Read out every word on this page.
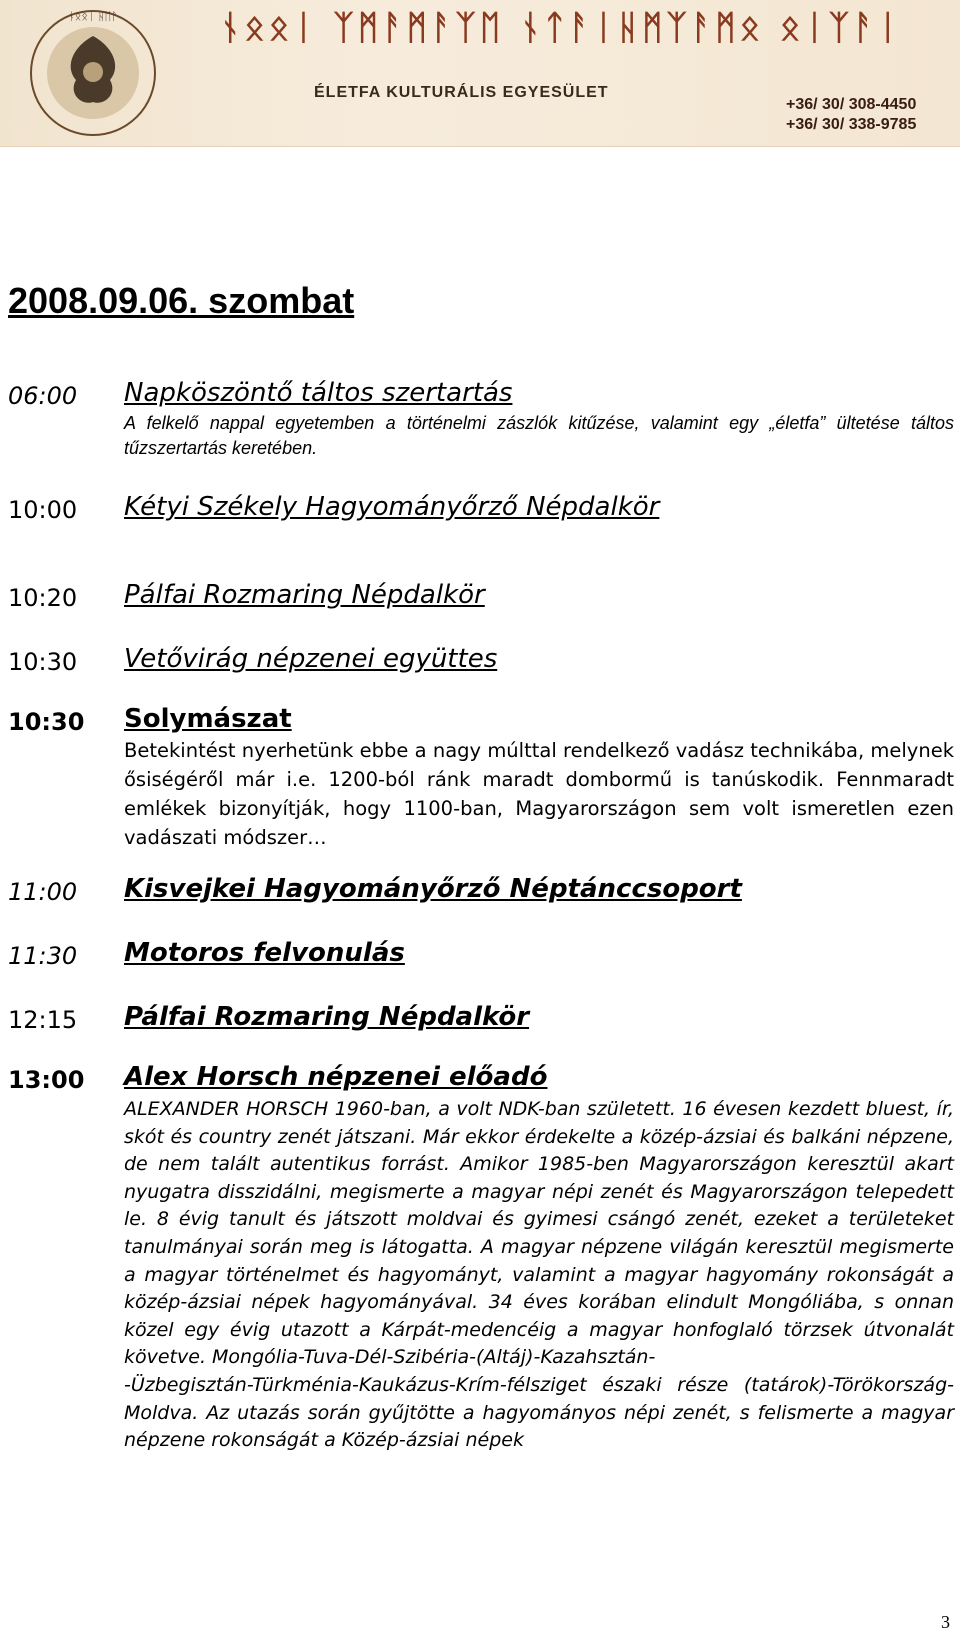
ᚾᛟᛟᛁ ᚺᛖᚨ	ᚾᛟᛟᛁ ᛉᛗᚨᛗᚨᛉᛖ ᚾᛏᚨᛁᚺᛗᛉᚨᛗᛟ ᛟᛁᛉᚨᛁ
ÉLETFA KULTURÁLIS EGYESÜLET
+36/ 30/ 308-4450
+36/ 30/ 338-9785
2008.09.06. szombat
06:00 Napköszöntő táltos szertartás
A felkelő nappal egyetemben a történelmi zászlók kitűzése, valamint egy „életfa” ültetése táltos tűzszertartás keretében.
10:00 Kétyi Székely Hagyományőrző Népdalkör
10:20 Pálfai Rozmaring Népdalkör
10:30 Vetővirág népzenei együttes
10:30 Solymászat
Betekintést nyerhetünk ebbe a nagy múlttal rendelkező vadász technikába, melynek ősiségéről már i.e. 1200-ból ránk maradt dombormű is tanúskodik. Fennmaradt emlékek bizonyítják, hogy 1100-ban, Magyarországon sem volt ismeretlen ezen vadászati módszer…
11:00 Kisvejkei Hagyományőrző Néptánccsoport
11:30 Motoros felvonulás
12:15 Pálfai Rozmaring Népdalkör
13:00 Alex Horsch népzenei előadó
ALEXANDER HORSCH 1960-ban, a volt NDK-ban született. 16 évesen kezdett bluest, ír, skót és country zenét játszani. Már ekkor érdekelte a közép-ázsiai és balkáni népzene, de nem talált autentikus forrást. Amikor 1985-ben Magyarországon keresztül akart nyugatra disszidálni, megismerte a magyar népi zenét és Magyarországon telepedett le. 8 évig tanult és játszott moldvai és gyimesi csángó zenét, ezeket a területeket tanulmányai során meg is látogatta. A magyar népzene világán keresztül megismerte a magyar történelmet és hagyományt, valamint a magyar hagyomány rokonságát a közép-ázsiai népek hagyományával. 34 éves korában elindult Mongóliába, s onnan közel egy évig utazott a Kárpát-medencéig a magyar honfoglaló törzsek útvonalát követve. Mongólia-Tuva-Dél-Szibéria-(Altáj)-Kazahsztán-
-Üzbegisztán-Türkménia-Kaukázus-Krím-félsziget északi része (tatárok)-Törökország-Moldva. Az utazás során gyűjtötte a hagyományos népi zenét, s felismerte a magyar népzene rokonságát a Közép-ázsiai népek
3
